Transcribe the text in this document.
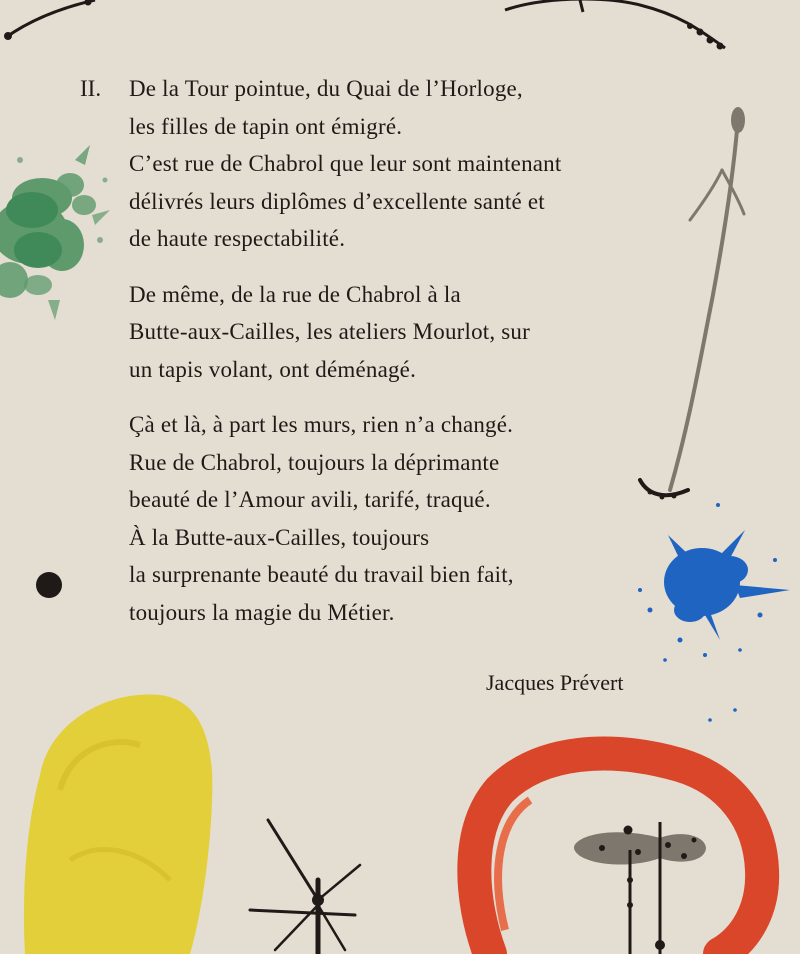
II. De la Tour pointue, du Quai de l’Horloge,
les filles de tapin ont émigré.
C’est rue de Chabrol que leur sont maintenant
délivrés leurs diplômes d’excellente santé et
de haute respectabilité.
De même, de la rue de Chabrol à la
Butte-aux-Cailles, les ateliers Mourlot, sur
un tapis volant, ont déménagé.
Çà et là, à part les murs, rien n’a changé.
Rue de Chabrol, toujours la déprimante
beauté de l’Amour avili, tarifé, traqué.
À la Butte-aux-Cailles, toujours
la surprenante beauté du travail bien fait,
toujours la magie du Métier.
Jacques Prévert
